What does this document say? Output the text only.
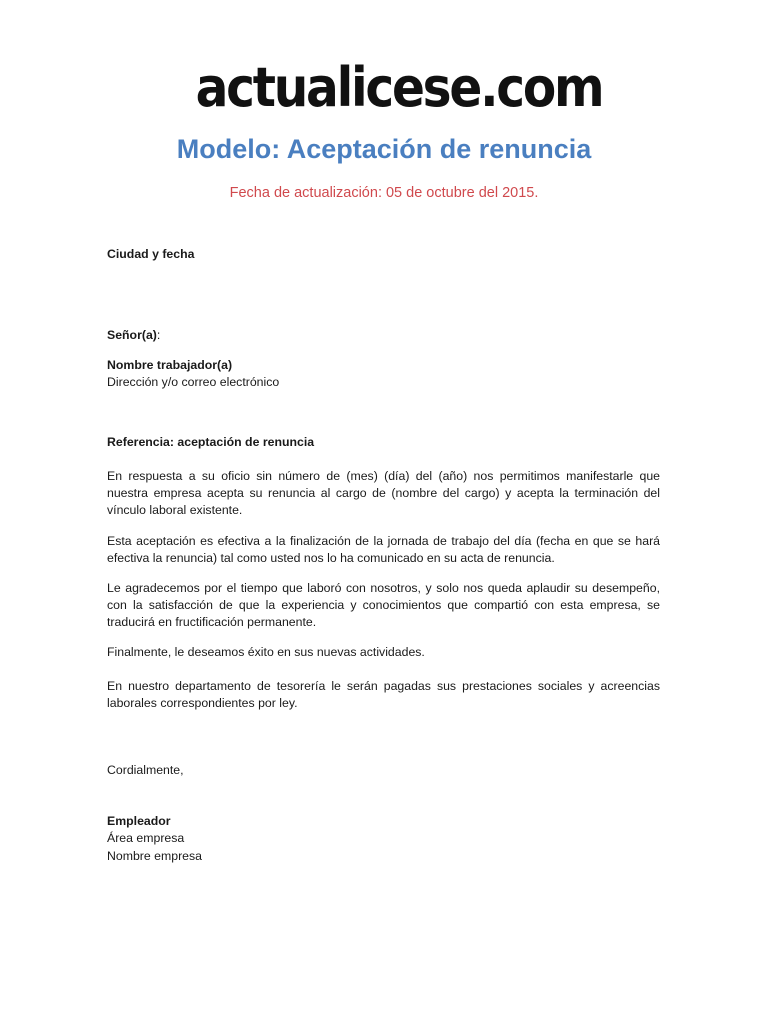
actualicese.com
Modelo: Aceptación de renuncia
Fecha de actualización: 05 de octubre del 2015.
Ciudad y fecha
Señor(a):
Nombre trabajador(a)
Dirección y/o correo electrónico
Referencia: aceptación de renuncia
En respuesta a su oficio sin número de (mes) (día) del (año) nos permitimos manifestarle que nuestra empresa acepta su renuncia al cargo de (nombre del cargo) y acepta la terminación del vínculo laboral existente.
Esta aceptación es efectiva a la finalización de la jornada de trabajo del día (fecha en que se hará efectiva la renuncia) tal como usted nos lo ha comunicado en su acta de renuncia.
Le agradecemos por el tiempo que laboró con nosotros, y solo nos queda aplaudir su desempeño, con la satisfacción de que la experiencia y conocimientos que compartió con esta empresa, se traducirá en fructificación permanente.
Finalmente, le deseamos éxito en sus nuevas actividades.
En nuestro departamento de tesorería le serán pagadas sus prestaciones sociales y acreencias laborales correspondientes por ley.
Cordialmente,
Empleador
Área empresa
Nombre empresa
